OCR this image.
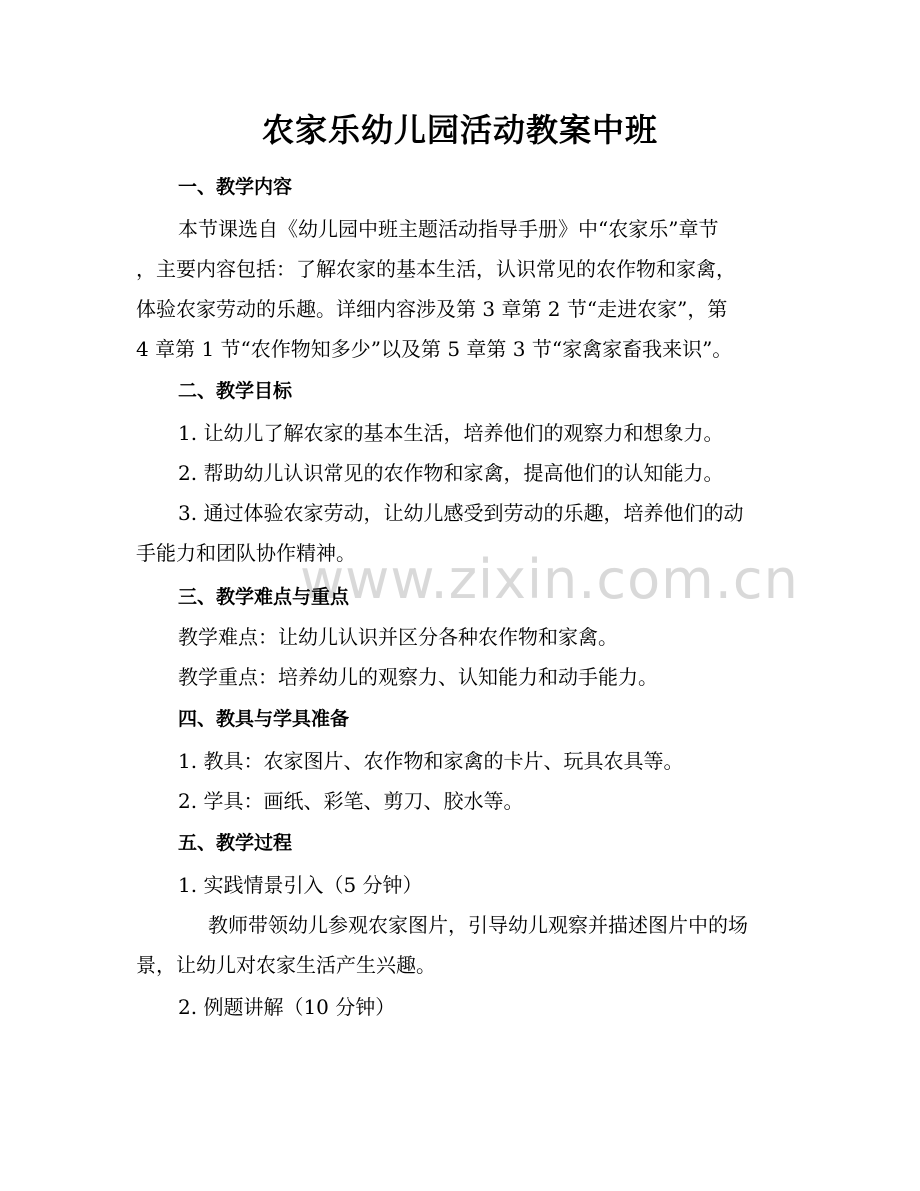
www.zixin.com.cn
农家乐幼儿园活动教案中班
一、教学内容
本节课选自《幼儿园中班主题活动指导手册》中“农家乐”章节
，主要内容包括：了解农家的基本生活，认识常见的农作物和家禽，
体验农家劳动的乐趣。详细内容涉及第 3 章第 2 节“走进农家”，第
4 章第 1 节“农作物知多少”以及第 5 章第 3 节“家禽家畜我来识”。
二、教学目标
1. 让幼儿了解农家的基本生活，培养他们的观察力和想象力。
2. 帮助幼儿认识常见的农作物和家禽，提高他们的认知能力。
3. 通过体验农家劳动，让幼儿感受到劳动的乐趣，培养他们的动
手能力和团队协作精神。
三、教学难点与重点
教学难点：让幼儿认识并区分各种农作物和家禽。
教学重点：培养幼儿的观察力、认知能力和动手能力。
四、教具与学具准备
1. 教具：农家图片、农作物和家禽的卡片、玩具农具等。
2. 学具：画纸、彩笔、剪刀、胶水等。
五、教学过程
1. 实践情景引入（5 分钟）
教师带领幼儿参观农家图片，引导幼儿观察并描述图片中的场
景，让幼儿对农家生活产生兴趣。
2. 例题讲解（10 分钟）
